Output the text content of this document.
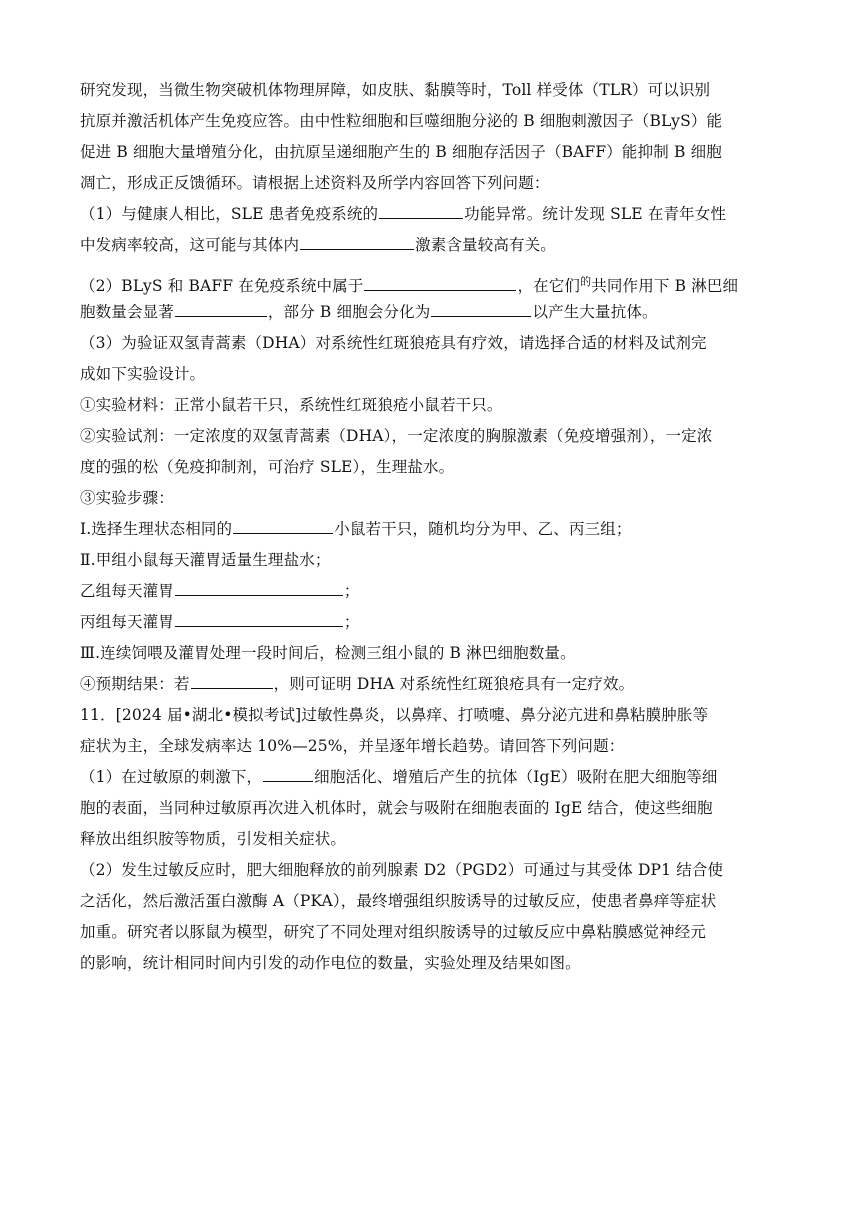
研究发现，当微生物突破机体物理屏障，如皮肤、黏膜等时，Toll 样受体（TLR）可以识别
抗原并激活机体产生免疫应答。由中性粒细胞和巨噬细胞分泌的 B 细胞刺激因子（BLyS）能
促进 B 细胞大量增殖分化，由抗原呈递细胞产生的 B 细胞存活因子（BAFF）能抑制 B 细胞
凋亡，形成正反馈循环。请根据上述资料及所学内容回答下列问题：
（1）与健康人相比，SLE 患者免疫系统的	功能异常。统计发现 SLE 在青年女性
中发病率较高，这可能与其体内	激素含量较高有关。
（2）BLyS 和 BAFF 在免疫系统中属于	，在它们$^的$共同作用下 B 淋巴细
胞数量会显著	，部分 B 细胞会分化为	以产生大量抗体。
（3）为验证双氢青蒿素（DHA）对系统性红斑狼疮具有疗效，请选择合适的材料及试剂完
成如下实验设计。
①实验材料：正常小鼠若干只，系统性红斑狼疮小鼠若干只。
②实验试剂：一定浓度的双氢青蒿素（DHA），一定浓度的胸腺激素（免疫增强剂），一定浓
度的强的松（免疫抑制剂，可治疗 SLE），生理盐水。
③实验步骤：
Ⅰ.选择生理状态相同的	小鼠若干只，随机均分为甲、乙、丙三组；
Ⅱ.甲组小鼠每天灌胃适量生理盐水；
乙组每天灌胃	；
丙组每天灌胃	；
Ⅲ.连续饲喂及灌胃处理一段时间后，检测三组小鼠的 B 淋巴细胞数量。
④预期结果：若	，则可证明 DHA 对系统性红斑狼疮具有一定疗效。
11．[2024 届•湖北•模拟考试]过敏性鼻炎，以鼻痒、打喷嚏、鼻分泌亢进和鼻粘膜肿胀等
症状为主，全球发病率达 10%—25%，并呈逐年增长趋势。请回答下列问题：
（1）在过敏原的刺激下，	细胞活化、增殖后产生的抗体（IgE）吸附在肥大细胞等细
胞的表面，当同种过敏原再次进入机体时，就会与吸附在细胞表面的 IgE 结合，使这些细胞
释放出组织胺等物质，引发相关症状。
（2）发生过敏反应时，肥大细胞释放的前列腺素 D2（PGD2）可通过与其受体 DP1 结合使
之活化，然后激活蛋白激酶 A（PKA），最终增强组织胺诱导的过敏反应，使患者鼻痒等症状
加重。研究者以豚鼠为模型，研究了不同处理对组织胺诱导的过敏反应中鼻粘膜感觉神经元
的影响，统计相同时间内引发的动作电位的数量，实验处理及结果如图。
